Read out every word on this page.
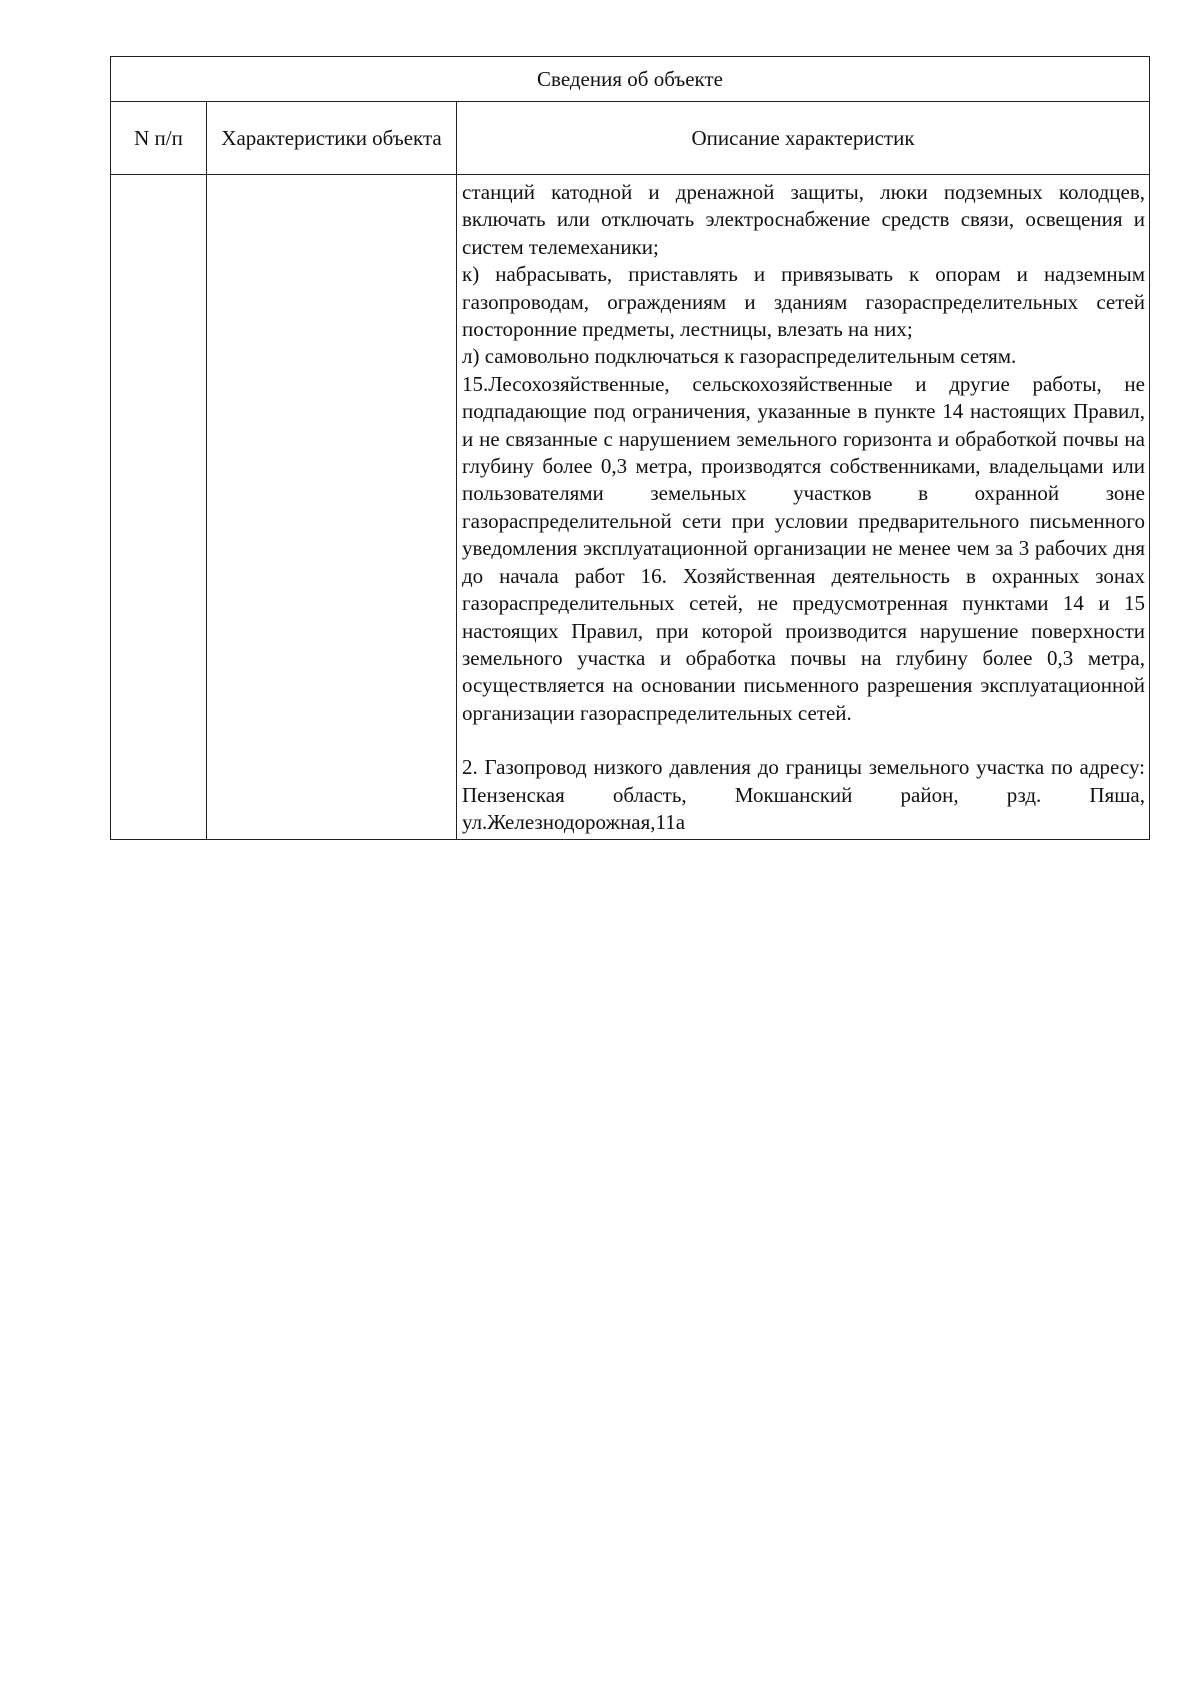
Сведения об объекте		
N п/п	Характеристики объекта	Описание характеристик

		станций катодной и дренажной защиты, люки подземных колодцев, включать или отключать электроснабжение средств связи, освещения и систем телемеханики;
к) набрасывать, приставлять и привязывать к опорам и надземным газопроводам, ограждениям и зданиям газораспределительных сетей посторонние предметы, лестницы, влезать на них;
л) самовольно подключаться к газораспределительным сетям.
15.Лесохозяйственные, сельскохозяйственные и другие работы, не подпадающие под ограничения, указанные в пункте 14 настоящих Правил, и не связанные с нарушением земельного горизонта и обработкой почвы на глубину более 0,3 метра, производятся собственниками, владельцами или пользователями земельных участков в охранной зоне газораспределительной сети при условии предварительного письменного уведомления эксплуатационной организации не менее чем за 3 рабочих дня до начала работ 16. Хозяйственная деятельность в охранных зонах газораспределительных сетей, не предусмотренная пунктами 14 и 15 настоящих Правил, при которой производится нарушение поверхности земельного участка и обработка почвы на глубину более 0,3 метра, осуществляется на основании письменного разрешения эксплуатационной организации газораспределительных сетей.
2. Газопровод низкого давления до границы земельного участка по адресу: Пензенская область, Мокшанский район, рзд. Пяша, ул.Железнодорожная,11а
